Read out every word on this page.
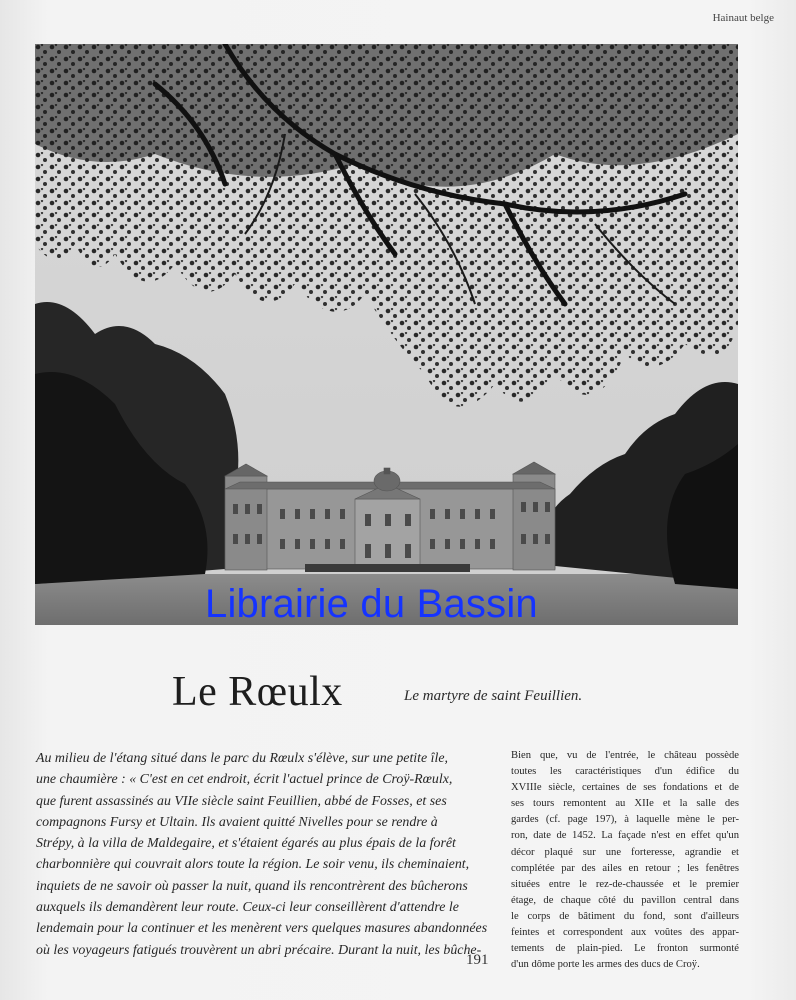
Hainaut belge
Librairie du Bassin
Le Rœulx	Le martyre de saint Feuillien.
Au milieu de l'étang situé dans le parc du Rœulx s'élève, sur une petite île,
une chaumière : « C'est en cet endroit, écrit l'actuel prince de Croÿ-Rœulx,
que furent assassinés au VIIe siècle saint Feuillien, abbé de Fosses, et ses
compagnons Fursy et Ultain. Ils avaient quitté Nivelles pour se rendre à
Strépy, à la villa de Maldegaire, et s'étaient égarés au plus épais de la forêt
charbonnière qui couvrait alors toute la région. Le soir venu, ils cheminaient,
inquiets de ne savoir où passer la nuit, quand ils rencontrèrent des bûcherons
auxquels ils demandèrent leur route. Ceux-ci leur conseillèrent d'attendre le
lendemain pour la continuer et les menèrent vers quelques masures abandonnées
où les voyageurs fatigués trouvèrent un abri précaire. Durant la nuit, les bûche-
Bien que, vu de l'entrée, le château possède
toutes les caractéristiques d'un édifice du
XVIIIe siècle, certaines de ses fondations et de
ses tours remontent au XIIe et la salle des
gardes (cf. page 197), à laquelle mène le per-
ron, date de 1452. La façade n'est en effet qu'un
décor plaqué sur une forteresse, agrandie et
complétée par des ailes en retour ; les fenêtres
situées entre le rez-de-chaussée et le premier
étage, de chaque côté du pavillon central dans
le corps de bâtiment du fond, sont d'ailleurs
feintes et correspondent aux voûtes des appar-
tements de plain-pied. Le fronton surmonté
d'un dôme porte les armes des ducs de Croÿ.
191
